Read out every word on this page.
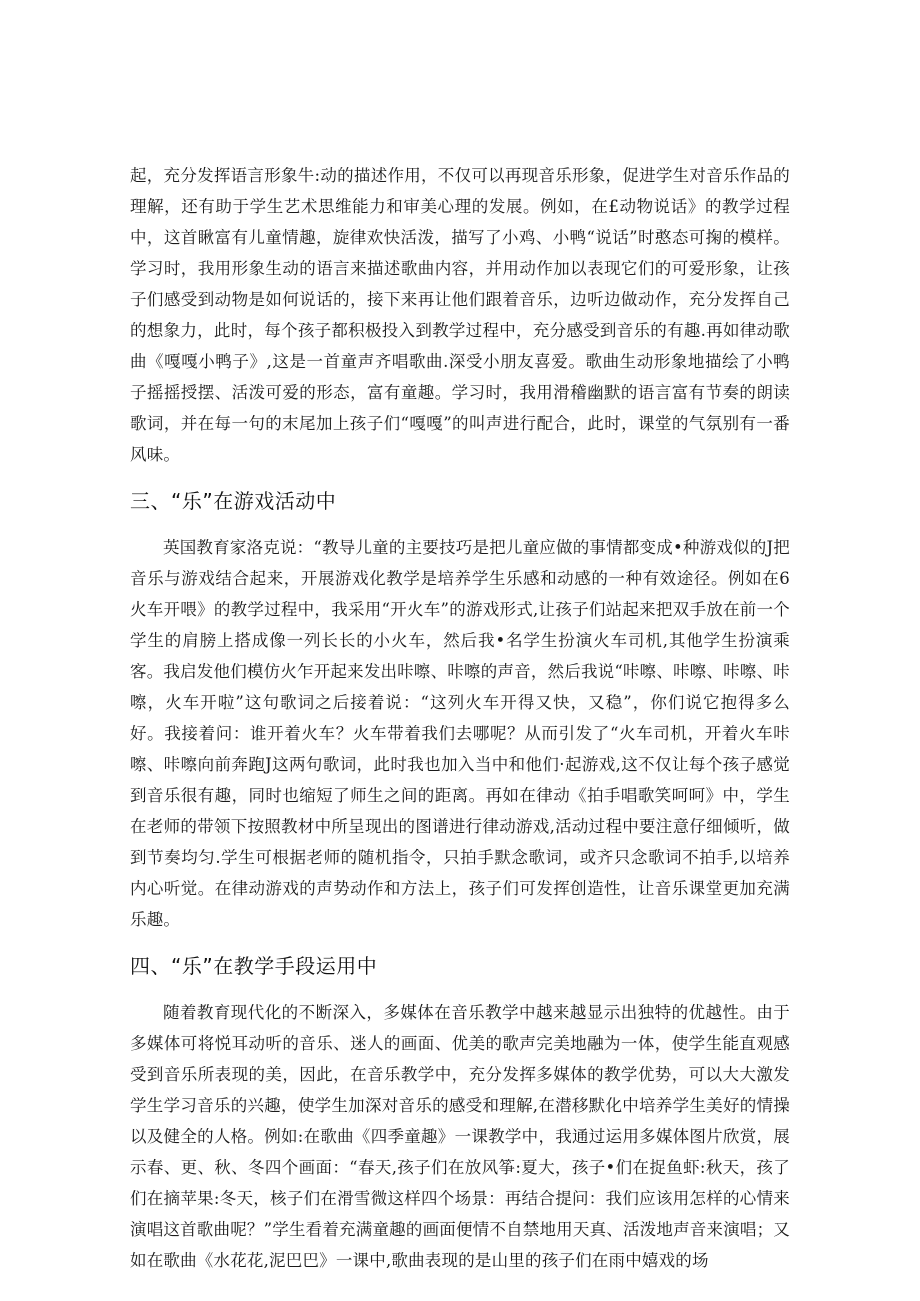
起，充分发挥语言形象牛:动的描述作用，不仅可以再现音乐形象，促进学生对音乐作品的理解，还有助于学生艺术思维能力和审美心理的发展。例如，在£动物说话》的教学过程中，这首瞅富有儿童情趣，旋律欢快活泼，描写了小鸡、小鸭“说话”时憨态可掬的模样。学习时，我用形象生动的语言来描述歌曲内容，并用动作加以表现它们的可爱形象，让孩子们感受到动物是如何说话的，接下来再让他们跟着音乐，边听边做动作，充分发挥自己的想象力，此时，每个孩子都积极投入到教学过程中，充分感受到音乐的有趣.再如律动歌曲《嘎嘎小鸭子》,这是一首童声齐唱歌曲.深受小朋友喜爱。歌曲生动形象地描绘了小鸭子摇摇授摆、活泼可爱的形态，富有童趣。学习时，我用滑稽幽默的语言富有节奏的朗读歌词，并在每一句的末尾加上孩子们“嘎嘎”的叫声进行配合，此时，课堂的气氛别有一番风味。

三、“乐”在游戏活动中

英国教育家洛克说：“教导儿童的主要技巧是把儿童应做的事情都变成•种游戏似的J把音乐与游戏结合起来，开展游戏化教学是培养学生乐感和动感的一种有效途径。例如在6火车开喂》的教学过程中，我采用“开火车”的游戏形式,让孩子们站起来把双手放在前一个学生的肩膀上搭成像一列长长的小火车，然后我•名学生扮演火车司机,其他学生扮演乘客。我启发他们模仿火乍开起来发出咔嚓、咔嚓的声音，然后我说“咔嚓、咔嚓、咔嚓、咔嚓，火车开啦”这句歌词之后接着说：“这列火车开得又快，又稳”，你们说它抱得多么好。我接着问：谁开着火车？火车带着我们去哪呢？从而引发了“火车司机，开着火车咔嚓、咔嚓向前奔跑J这两句歌词，此时我也加入当中和他们·起游戏,这不仅让每个孩子感觉到音乐很有趣，同时也缩短了师生之间的距离。再如在律动《拍手唱歌笑呵呵》中，学生在老师的带领下按照教材中所呈现出的图谱进行律动游戏,活动过程中要注意仔细倾听，做到节奏均匀.学生可根据老师的随机指令，只拍手默念歌词，或齐只念歌词不拍手,以培养内心听觉。在律动游戏的声势动作和方法上，孩子们可发挥创造性，让音乐课堂更加充满乐趣。

四、“乐”在教学手段运用中

随着教育现代化的不断深入，多媒体在音乐教学中越来越显示出独特的优越性。由于多媒体可将悦耳动听的音乐、迷人的画面、优美的歌声完美地融为一体，使学生能直观感受到音乐所表现的美，因此，在音乐教学中，充分发挥多媒体的教学优势，可以大大激发学生学习音乐的兴趣，使学生加深对音乐的感受和理解,在潜移默化中培养学生美好的情操以及健全的人格。例如:在歌曲《四季童趣》一课教学中，我通过运用多媒体图片欣赏，展示春、更、秋、冬四个画面：“春天,孩子们在放风筝:夏大，孩子•们在捉鱼虾:秋天，孩了们在摘苹果:冬天，核子们在滑雪微这样四个场景：再结合提问：我们应该用怎样的心情来演唱这首歌曲呢？”学生看着充满童趣的画面便情不自禁地用天真、活泼地声音来演唱；又如在歌曲《水花花,泥巴巴》一课中,歌曲表现的是山里的孩子们在雨中嬉戏的场
